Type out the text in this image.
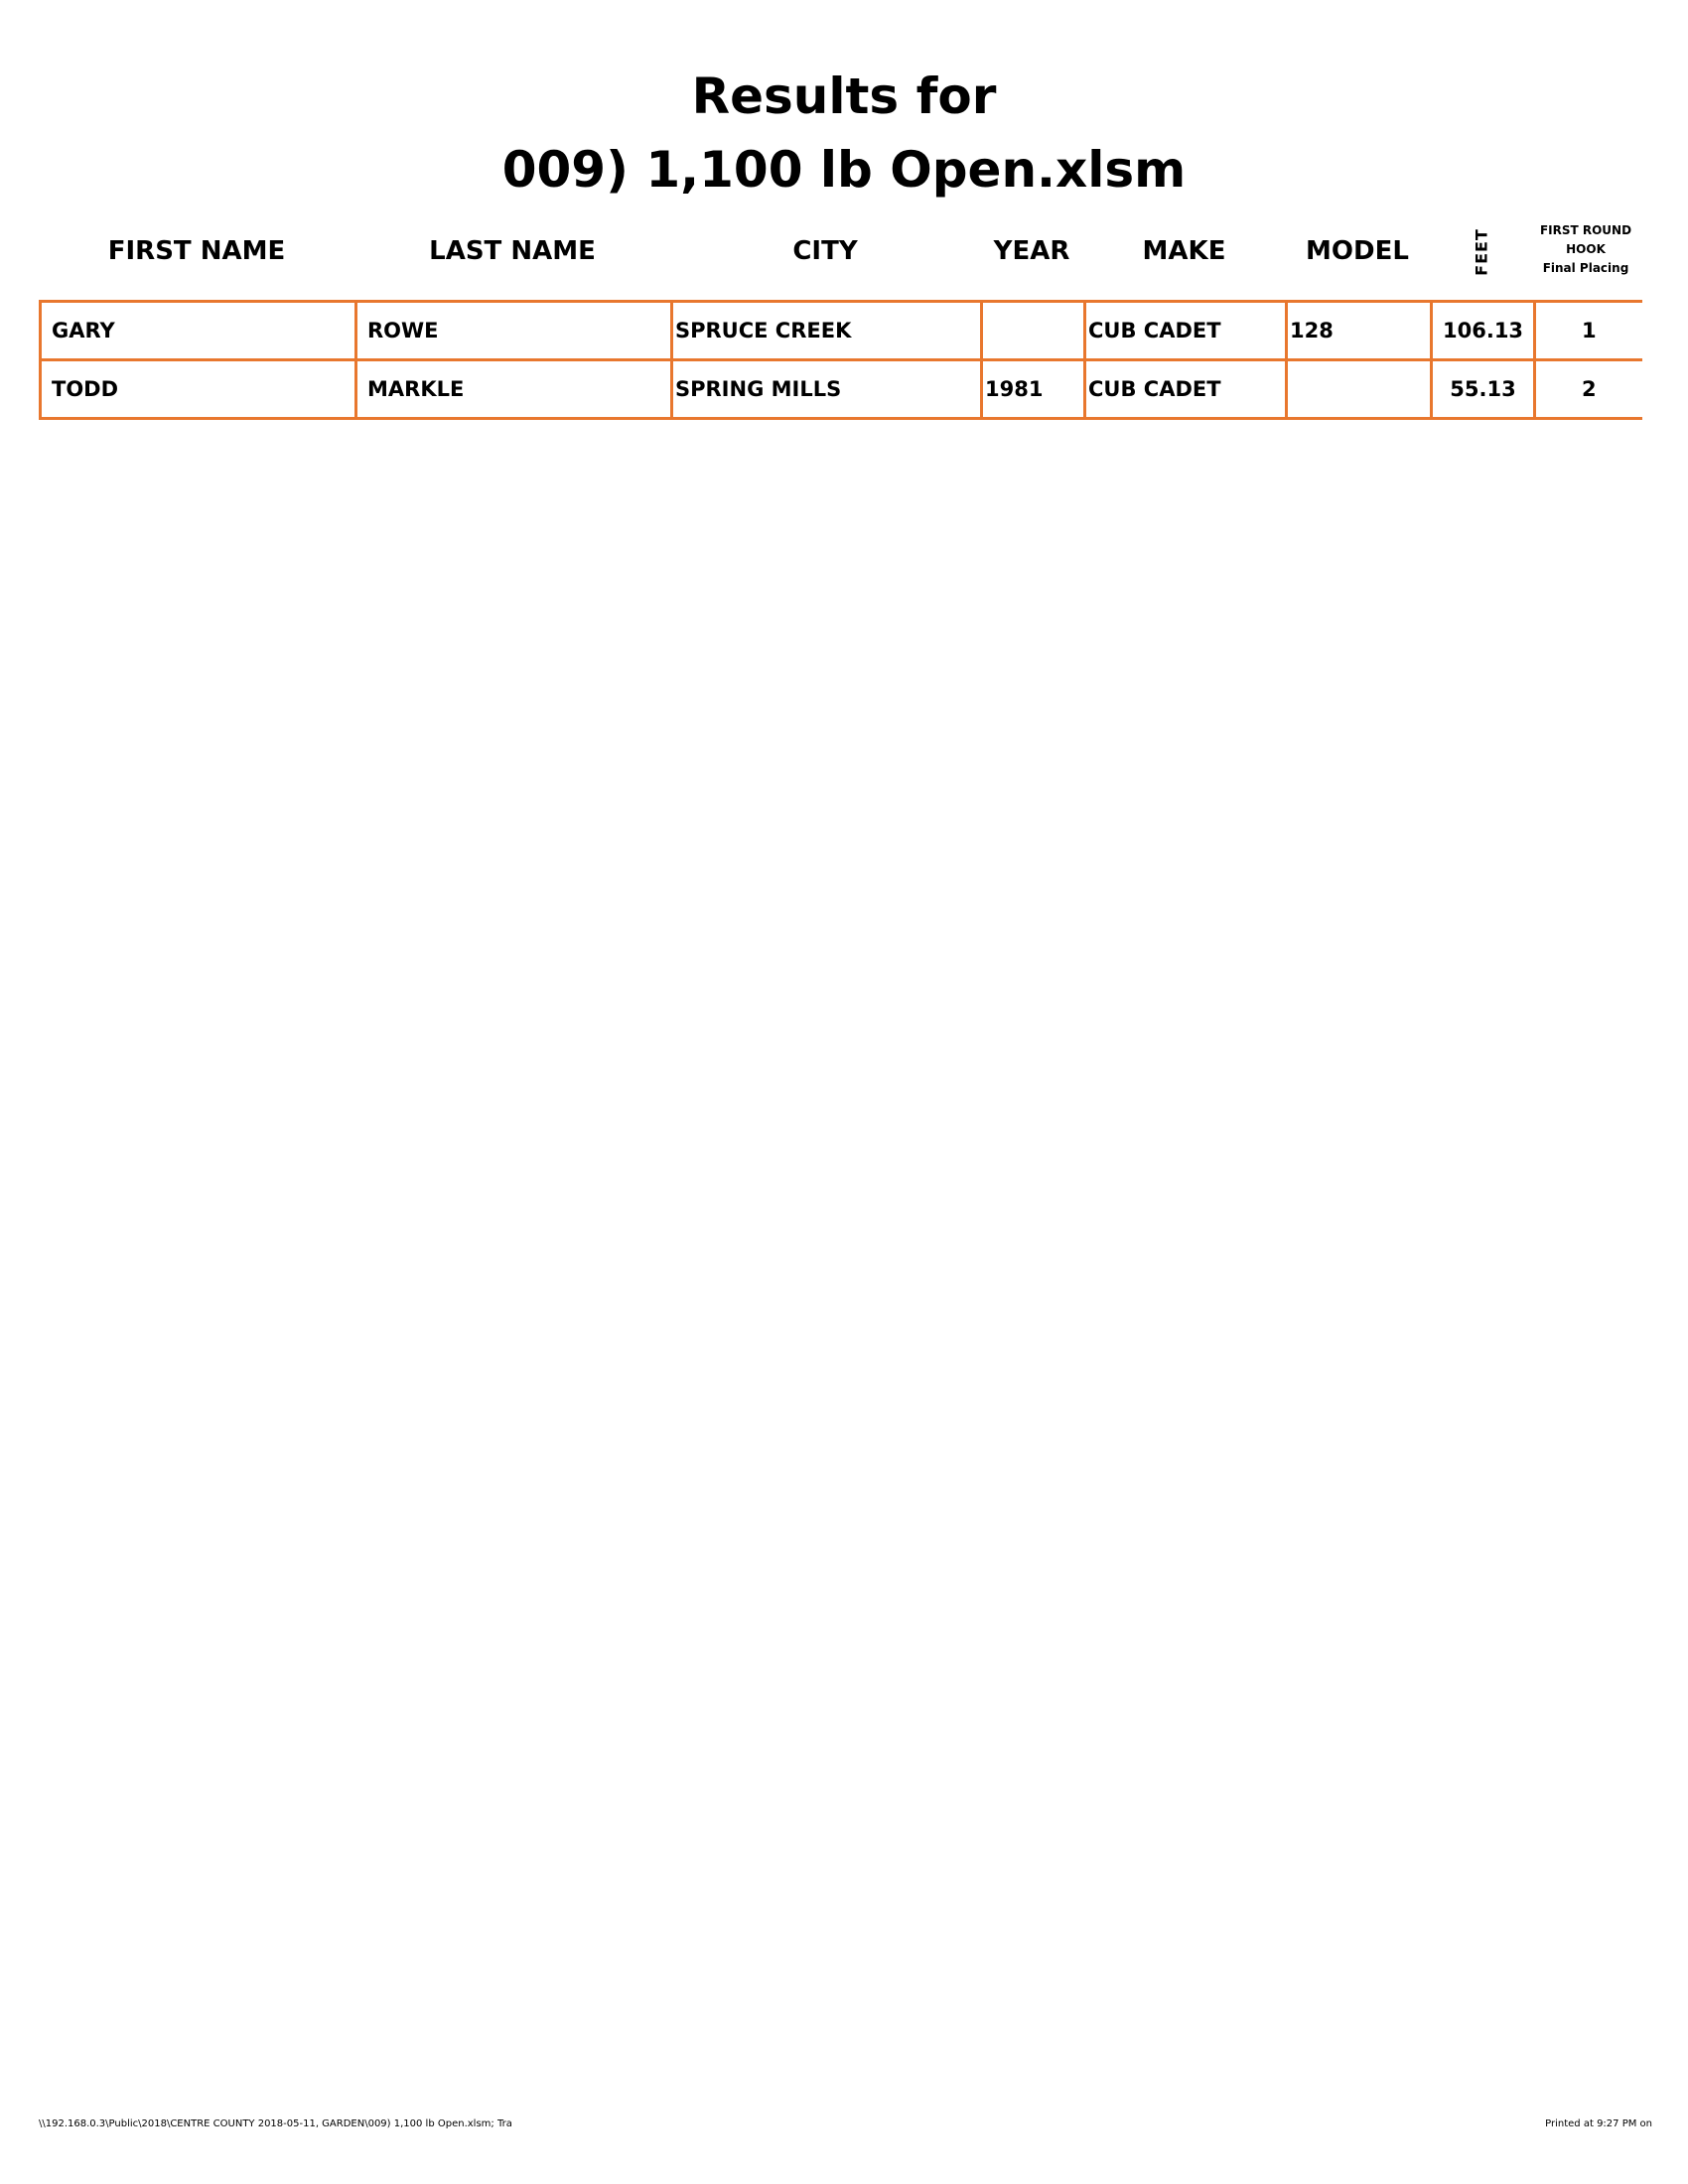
Results for
009) 1,100 lb Open.xlsm
FIRST NAME	LAST NAME	CITY	YEAR	MAKE	MODEL	FEET	FIRST ROUND
HOOK
Final Placing
GARY	ROWE	SPRUCE CREEK		CUB CADET	128	106.13	1
TODD	MARKLE	SPRING MILLS	1981	CUB CADET		55.13	2
\\192.168.0.3\Public\2018\CENTRE COUNTY 2018-05-11, GARDEN\009) 1,100 lb Open.xlsm; Tra	Printed at 9:27 PM on
